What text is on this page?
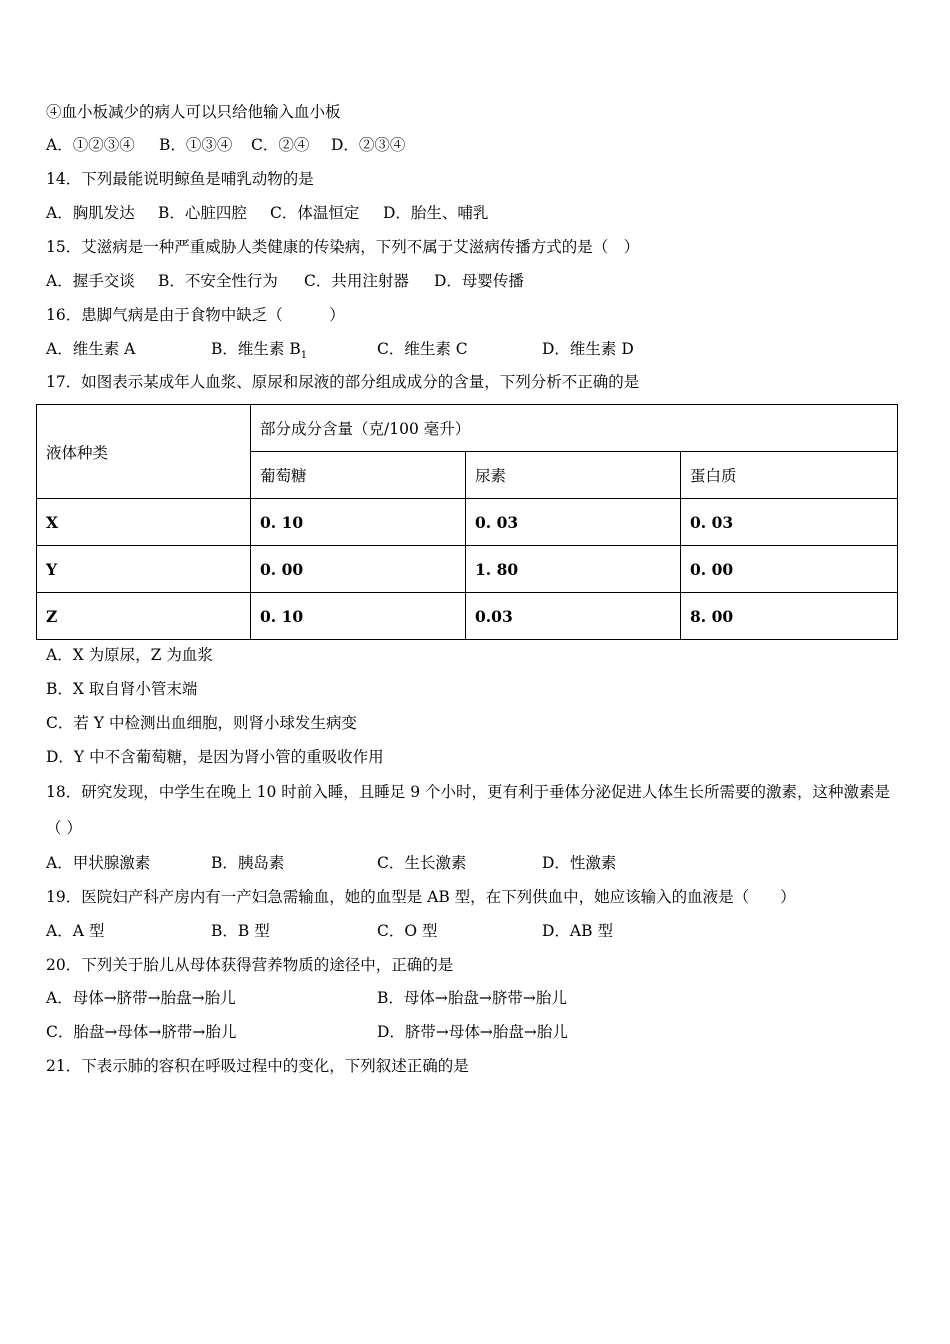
④血小板减少的病人可以只给他输入血小板
A．①②③④ B．①③④ C．②④ D．②③④
14．下列最能说明鲸鱼是哺乳动物的是
A．胸肌发达 B．心脏四腔 C．体温恒定 D．胎生、哺乳
15．艾滋病是一种严重威胁人类健康的传染病，下列不属于艾滋病传播方式的是（　）
A．握手交谈 B．不安全性行为 C．共用注射器 D．母婴传播
16．患脚气病是由于食物中缺乏（　　　）
A．维生素 A	B．维生素 $B_1$	C．维生素 C	D．维生素 D
17．如图表示某成年人血浆、原尿和尿液的部分组成成分的含量，下列分析不正确的是
液体种类	部分成分含量（克/100 毫升）		
	葡萄糖	尿素	蛋白质
X	0. 10	0. 03	0. 03
Y	0. 00	1. 80	0. 00
Z	0. 10	0.03	8. 00
A．X 为原尿，Z 为血浆
B．X 取自肾小管末端
C．若 Y 中检测出血细胞，则肾小球发生病变
D．Y 中不含葡萄糖，是因为肾小管的重吸收作用
18．研究发现，中学生在晚上 10 时前入睡，且睡足 9 个小时，更有利于垂体分泌促进人体生长所需要的激素，这种激素是（ ）
A．甲状腺激素	B．胰岛素	C．生长激素	D．性激素
19．医院妇产科产房内有一产妇急需输血，她的血型是 AB 型，在下列供血中，她应该输入的血液是（　　）
A．A 型	B．B 型	C．O 型	D．AB 型
20．下列关于胎儿从母体获得营养物质的途径中，正确的是
A．母体→脐带→胎盘→胎儿	B．母体→胎盘→脐带→胎儿
C．胎盘→母体→脐带→胎儿	D．脐带→母体→胎盘→胎儿
21．下表示肺的容积在呼吸过程中的变化，下列叙述正确的是
